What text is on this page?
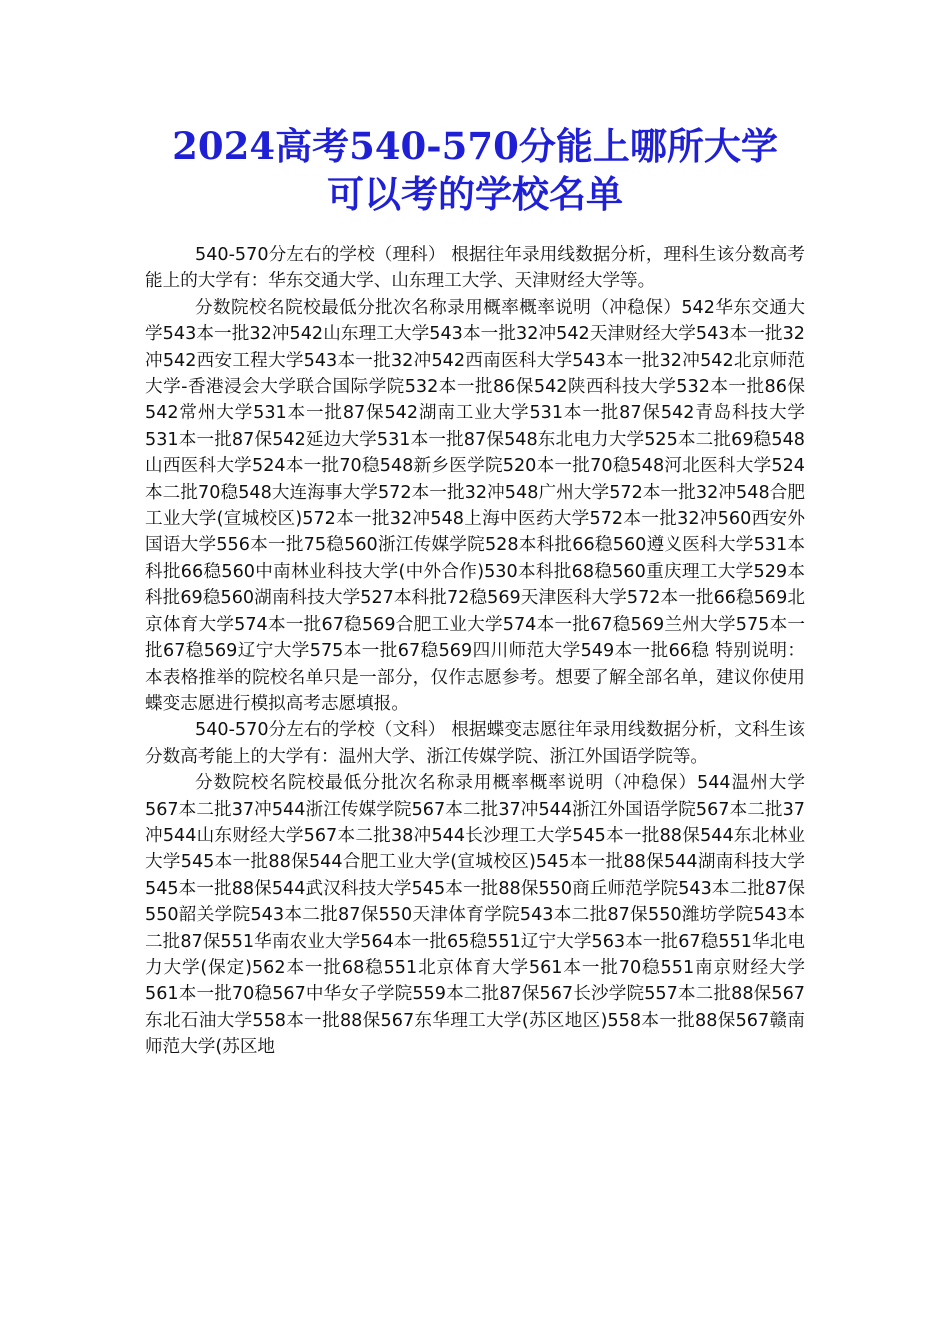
2024高考540-570分能上哪所大学
可以考的学校名单

540-570分左右的学校（理科） 根据往年录用线数据分析，理科生该分数高考能上的大学有：华东交通大学、山东理工大学、天津财经大学等。

分数院校名院校最低分批次名称录用概率概率说明（冲稳保）542华东交通大学543本一批32冲542山东理工大学543本一批32冲542天津财经大学543本一批32冲542西安工程大学543本一批32冲542西南医科大学543本一批32冲542北京师范大学-香港浸会大学联合国际学院532本一批86保542陕西科技大学532本一批86保542常州大学531本一批87保542湖南工业大学531本一批87保542青岛科技大学531本一批87保542延边大学531本一批87保548东北电力大学525本二批69稳548山西医科大学524本一批70稳548新乡医学院520本一批70稳548河北医科大学524本二批70稳548大连海事大学572本一批32冲548广州大学572本一批32冲548合肥工业大学(宣城校区)572本一批32冲548上海中医药大学572本一批32冲560西安外国语大学556本一批75稳560浙江传媒学院528本科批66稳560遵义医科大学531本科批66稳560中南林业科技大学(中外合作)530本科批68稳560重庆理工大学529本科批69稳560湖南科技大学527本科批72稳569天津医科大学572本一批66稳569北京体育大学574本一批67稳569合肥工业大学574本一批67稳569兰州大学575本一批67稳569辽宁大学575本一批67稳569四川师范大学549本一批66稳 特别说明：本表格推举的院校名单只是一部分，仅作志愿参考。想要了解全部名单，建议你使用蝶变志愿进行模拟高考志愿填报。

540-570分左右的学校（文科） 根据蝶变志愿往年录用线数据分析，文科生该分数高考能上的大学有：温州大学、浙江传媒学院、浙江外国语学院等。

分数院校名院校最低分批次名称录用概率概率说明（冲稳保）544温州大学567本二批37冲544浙江传媒学院567本二批37冲544浙江外国语学院567本二批37冲544山东财经大学567本二批38冲544长沙理工大学545本一批88保544东北林业大学545本一批88保544合肥工业大学(宣城校区)545本一批88保544湖南科技大学545本一批88保544武汉科技大学545本一批88保550商丘师范学院543本二批87保550韶关学院543本二批87保550天津体育学院543本二批87保550潍坊学院543本二批87保551华南农业大学564本一批65稳551辽宁大学563本一批67稳551华北电力大学(保定)562本一批68稳551北京体育大学561本一批70稳551南京财经大学561本一批70稳567中华女子学院559本二批87保567长沙学院557本二批88保567东北石油大学558本一批88保567东华理工大学(苏区地区)558本一批88保567赣南师范大学(苏区地
